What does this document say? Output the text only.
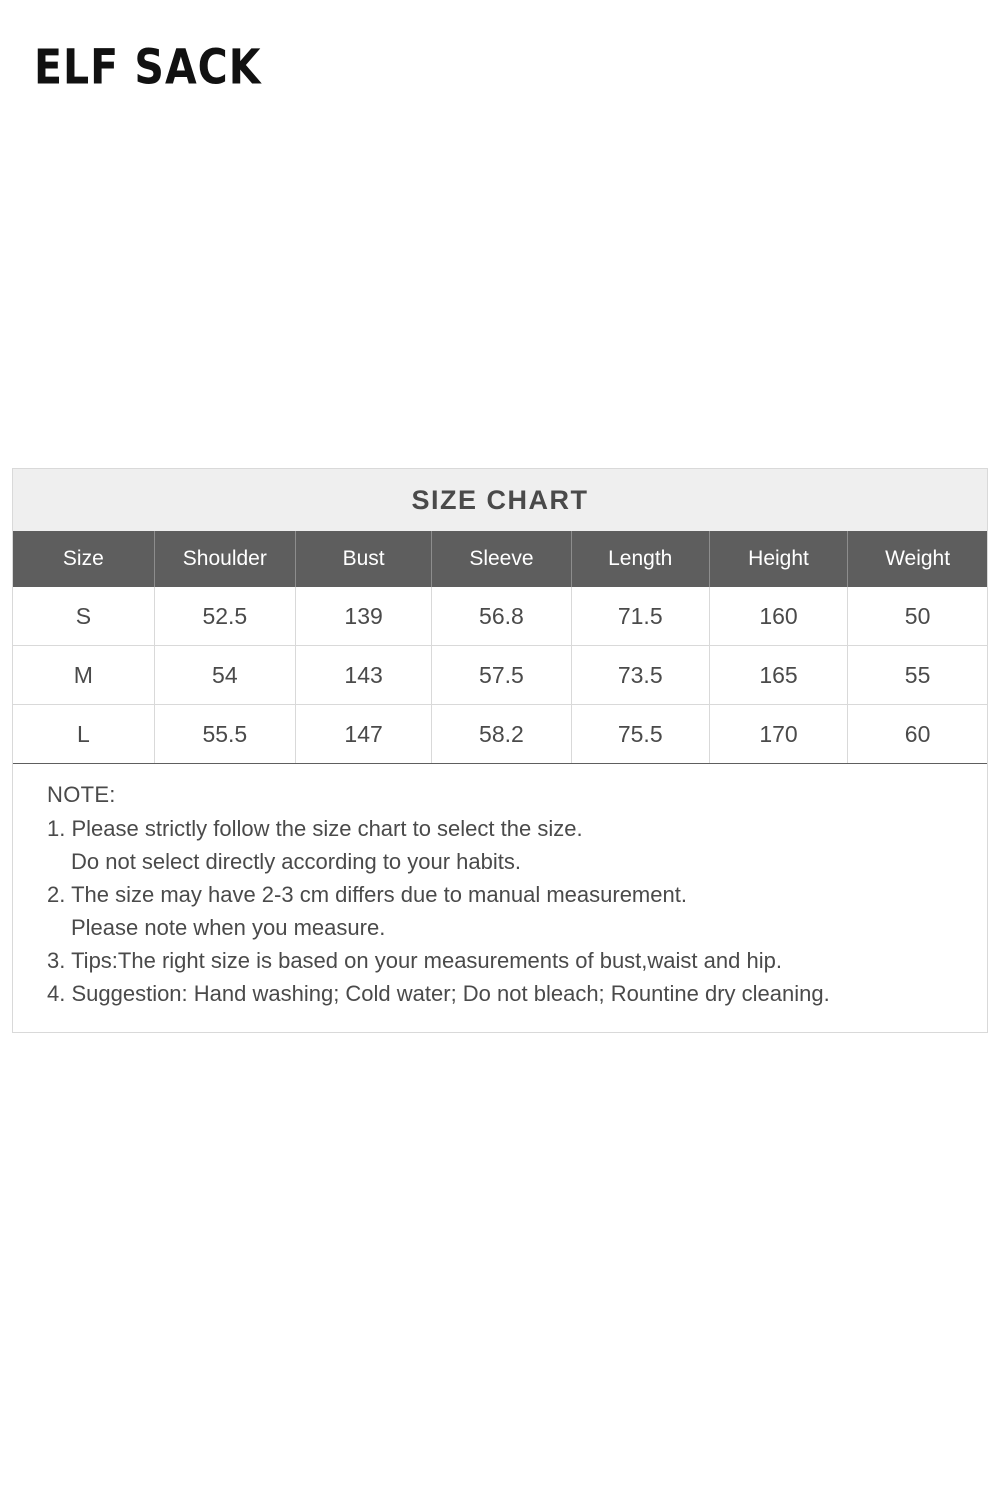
ELF SACK
SIZE CHART
Size	Shoulder	Bust	Sleeve	Length	Height	Weight
S	52.5	139	56.8	71.5	160	50
M	54	143	57.5	73.5	165	55
L	55.5	147	58.2	75.5	170	60
NOTE:
1. Please strictly follow the size chart to select the size.
Do not select directly according to your habits.
2. The size may have 2-3 cm differs due to manual measurement.
Please note when you measure.
3. Tips:The right size is based on your measurements of bust,waist and hip.
4. Suggestion: Hand washing; Cold water; Do not bleach; Rountine dry cleaning.
